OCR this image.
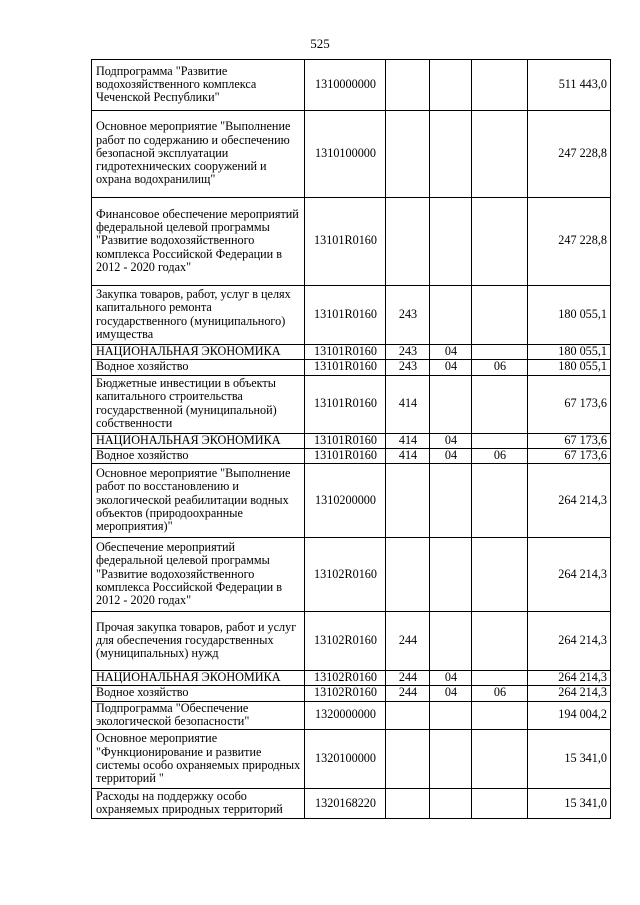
525
Подпрограмма "Развитие водохозяйственного комплекса Чеченской Республики"	1310000000				511 443,0
Основное мероприятие "Выполнение работ по содержанию и обеспечению безопасной эксплуатации гидротехнических сооружений и охрана водохранилищ"	1310100000				247 228,8
Финансовое обеспечение мероприятий федеральной целевой программы "Развитие водохозяйственного комплекса Российской Федерации в 2012 - 2020 годах"	13101R0160				247 228,8
Закупка товаров, работ, услуг в целях капитального ремонта государственного (муниципального) имущества	13101R0160	243			180 055,1
НАЦИОНАЛЬНАЯ ЭКОНОМИКА	13101R0160	243	04		180 055,1
Водное хозяйство	13101R0160	243	04	06	180 055,1
Бюджетные инвестиции в объекты капитального строительства государственной (муниципальной) собственности	13101R0160	414			67 173,6
НАЦИОНАЛЬНАЯ ЭКОНОМИКА	13101R0160	414	04		67 173,6
Водное хозяйство	13101R0160	414	04	06	67 173,6
Основное мероприятие "Выполнение работ по восстановлению и экологической реабилитации водных объектов (природоохранные мероприятия)"	1310200000				264 214,3
Обеспечение мероприятий федеральной целевой программы "Развитие водохозяйственного комплекса Российской Федерации в 2012 - 2020 годах"	13102R0160				264 214,3
Прочая закупка товаров, работ и услуг для обеспечения государственных (муниципальных) нужд	13102R0160	244			264 214,3
НАЦИОНАЛЬНАЯ ЭКОНОМИКА	13102R0160	244	04		264 214,3
Водное хозяйство	13102R0160	244	04	06	264 214,3
Подпрограмма "Обеспечение экологической безопасности"	1320000000				194 004,2
Основное мероприятие "Функционирование и развитие системы особо охраняемых природных территорий "	1320100000				15 341,0
Расходы на поддержку особо охраняемых природных территорий	1320168220				15 341,0
